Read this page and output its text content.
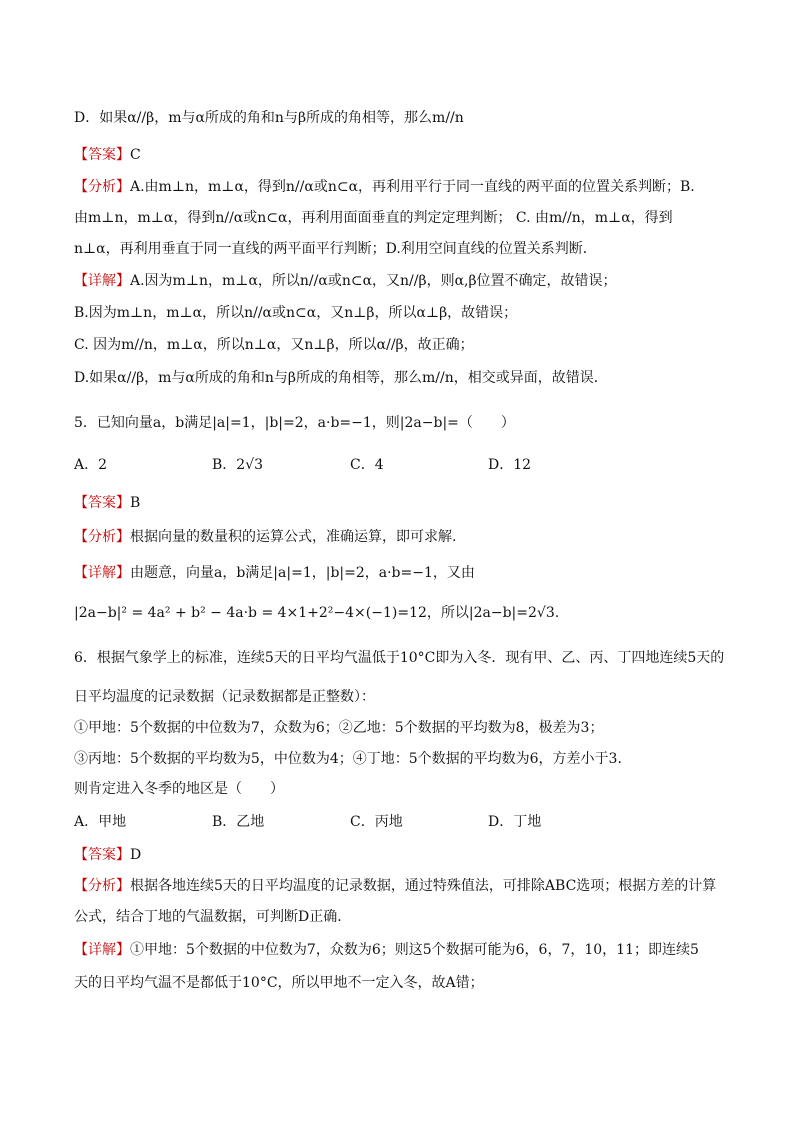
D．如果α//β，m与α所成的角和n与β所成的角相等，那么m//n
【答案】C
【分析】A.由m⊥n，m⊥α，得到n//α或n⊂α，再利用平行于同一直线的两平面的位置关系判断；B.
由m⊥n，m⊥α，得到n//α或n⊂α，再利用面面垂直的判定定理判断； C. 由m//n，m⊥α，得到
n⊥α，再利用垂直于同一直线的两平面平行判断；D.利用空间直线的位置关系判断．
【详解】A.因为m⊥n，m⊥α，所以n//α或n⊂α，又n//β，则α,β位置不确定，故错误；
B.因为m⊥n，m⊥α，所以n//α或n⊂α，又n⊥β，所以α⊥β，故错误；
C. 因为m//n，m⊥α，所以n⊥α，又n⊥β，所以α//β，故正确；
D.如果α//β，m与α所成的角和n与β所成的角相等，那么m//n，相交或异面，故错误．
5．已知向量a，b满足|a|=1，|b|=2，a·b=−1，则|2a−b|=（　　）
A．2	B．2√3	C．4	D．12
【答案】B
【分析】根据向量的数量积的运算公式，准确运算，即可求解.
【详解】由题意，向量a，b满足|a|=1，|b|=2，a·b=−1，又由
|2a−b|² = 4a² + b² − 4a·b = 4×1+2²−4×(−1)=12，所以|2a−b|=2√3.
6．根据气象学上的标准，连续5天的日平均气温低于10°C即为入冬．现有甲、乙、丙、丁四地连续5天的
日平均温度的记录数据（记录数据都是正整数）：
①甲地：5个数据的中位数为7，众数为6；②乙地：5个数据的平均数为8，极差为3；
③丙地：5个数据的平均数为5，中位数为4；④丁地：5个数据的平均数为6，方差小于3．
则肯定进入冬季的地区是（　　）
A．甲地	B．乙地	C．丙地	D．丁地
【答案】D
【分析】根据各地连续5天的日平均温度的记录数据，通过特殊值法，可排除ABC选项；根据方差的计算
公式，结合丁地的气温数据，可判断D正确.
【详解】①甲地：5个数据的中位数为7，众数为6；则这5个数据可能为6，6，7，10，11；即连续5
天的日平均气温不是都低于10°C，所以甲地不一定入冬，故A错；
